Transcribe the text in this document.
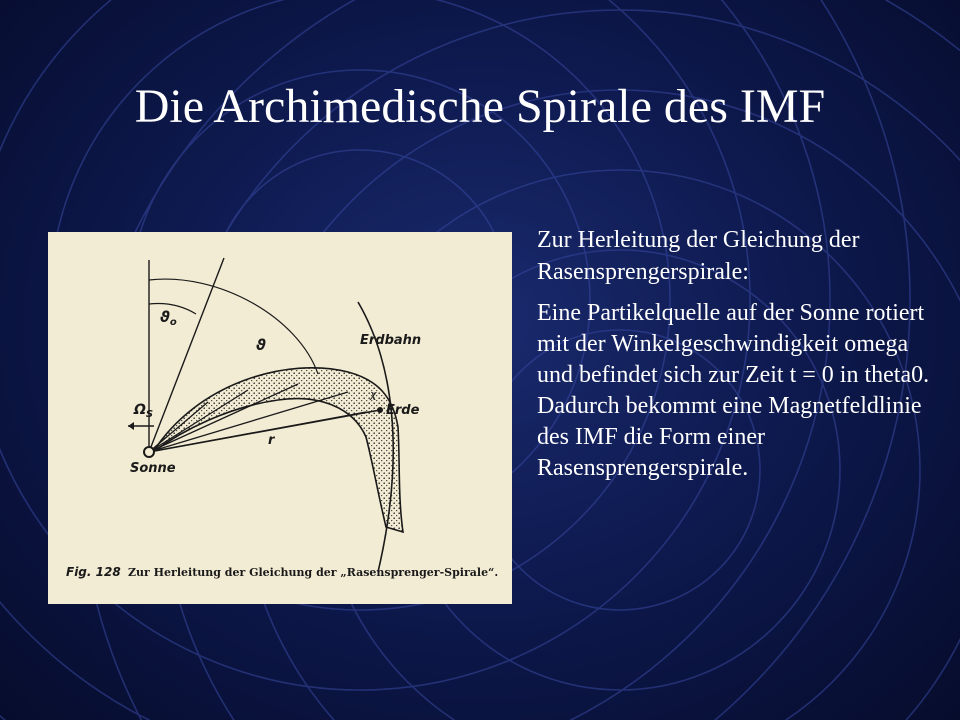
Die Archimedische Spirale des IMF
$ϑ_o$
ϑ	Erdbahn
Erde
χ
r
$\Omega_S$
Sonne
Fig. 128 Zur Herleitung der Gleichung der „Rasensprenger-Spirale“.

Zur Herleitung der Gleichung der Rasensprengerspirale:

Eine Partikelquelle auf der Sonne rotiert mit der Winkelgeschwindigkeit omega und befindet sich zur Zeit t = 0 in theta0. Dadurch bekommt eine Magnetfeldlinie des IMF die Form einer Rasensprengerspirale.
